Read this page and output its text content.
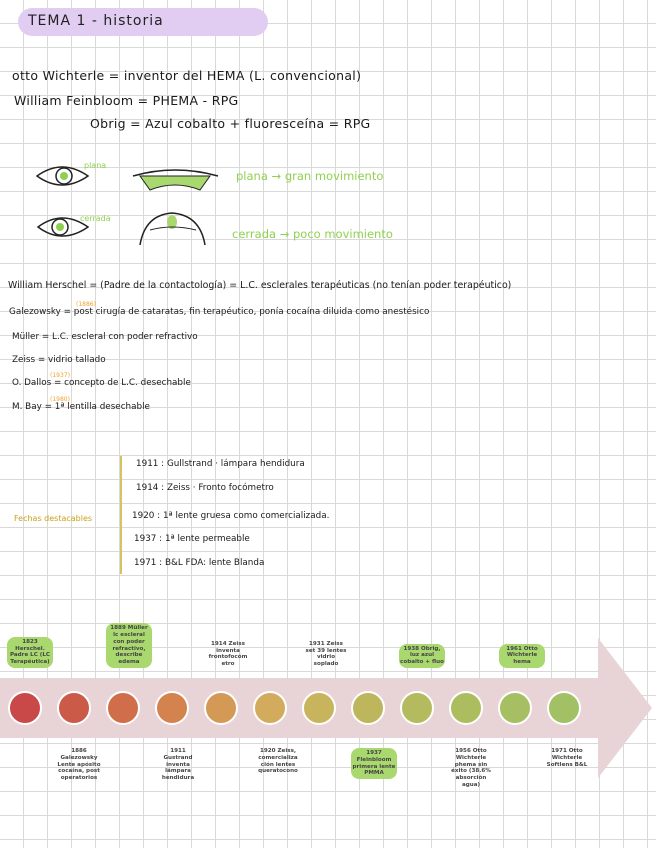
TEMA 1 - historia
otto Wichterle = inventor del HEMA (L. convencional)
William Feinbloom = PHEMA - RPG
Obrig = Azul cobalto + fluoresceína = RPG
plana
plana → gran movimiento
cerrada
cerrada → poco movimiento
William Herschel = (Padre de la contactología) = L.C. esclerales terapéuticas (no tenían poder terapéutico)
(1886)
Galezowsky = post cirugía de cataratas, fin terapéutico, ponía cocaína diluida como anestésico
Müller = L.C. escleral con poder refractivo
Zeiss = vidrio tallado
(1937)
O. Dallos = concepto de L.C. desechable
(1980)
M. Bay = 1ª lentilla desechable
Fechas destacables
1911 : Gullstrand · lámpara hendidura
1914 : Zeiss · Fronto focómetro
1920 : 1ª lente gruesa como comercializada.
1937 : 1ª lente permeable
1971 : B&L FDA: lente Blanda
1823 Herschel. Padre LC (LC Terapéutica)
1889 Müller lc escleral con poder refractivo, describe edema
1914 Zeiss inventa frontofocóm etro
1931 Zeiss set 39 lentes vidrio soplado
1938 Obrig, luz azul cobalto + fluo
1961 Otto Wichterle hema
1886 Galezowsky Lente apósito cocaína, post operatorios
1911 Gustrand inventa lámpara hendidura
1920 Zeiss, comercializa ción lentes queratocono
1937 Fleinbloom primera lente PMMA
1956 Otto Wichterle phema sin éxito (38.6% absorción agua)
1971 Otto Wichterle Softlens B&L
